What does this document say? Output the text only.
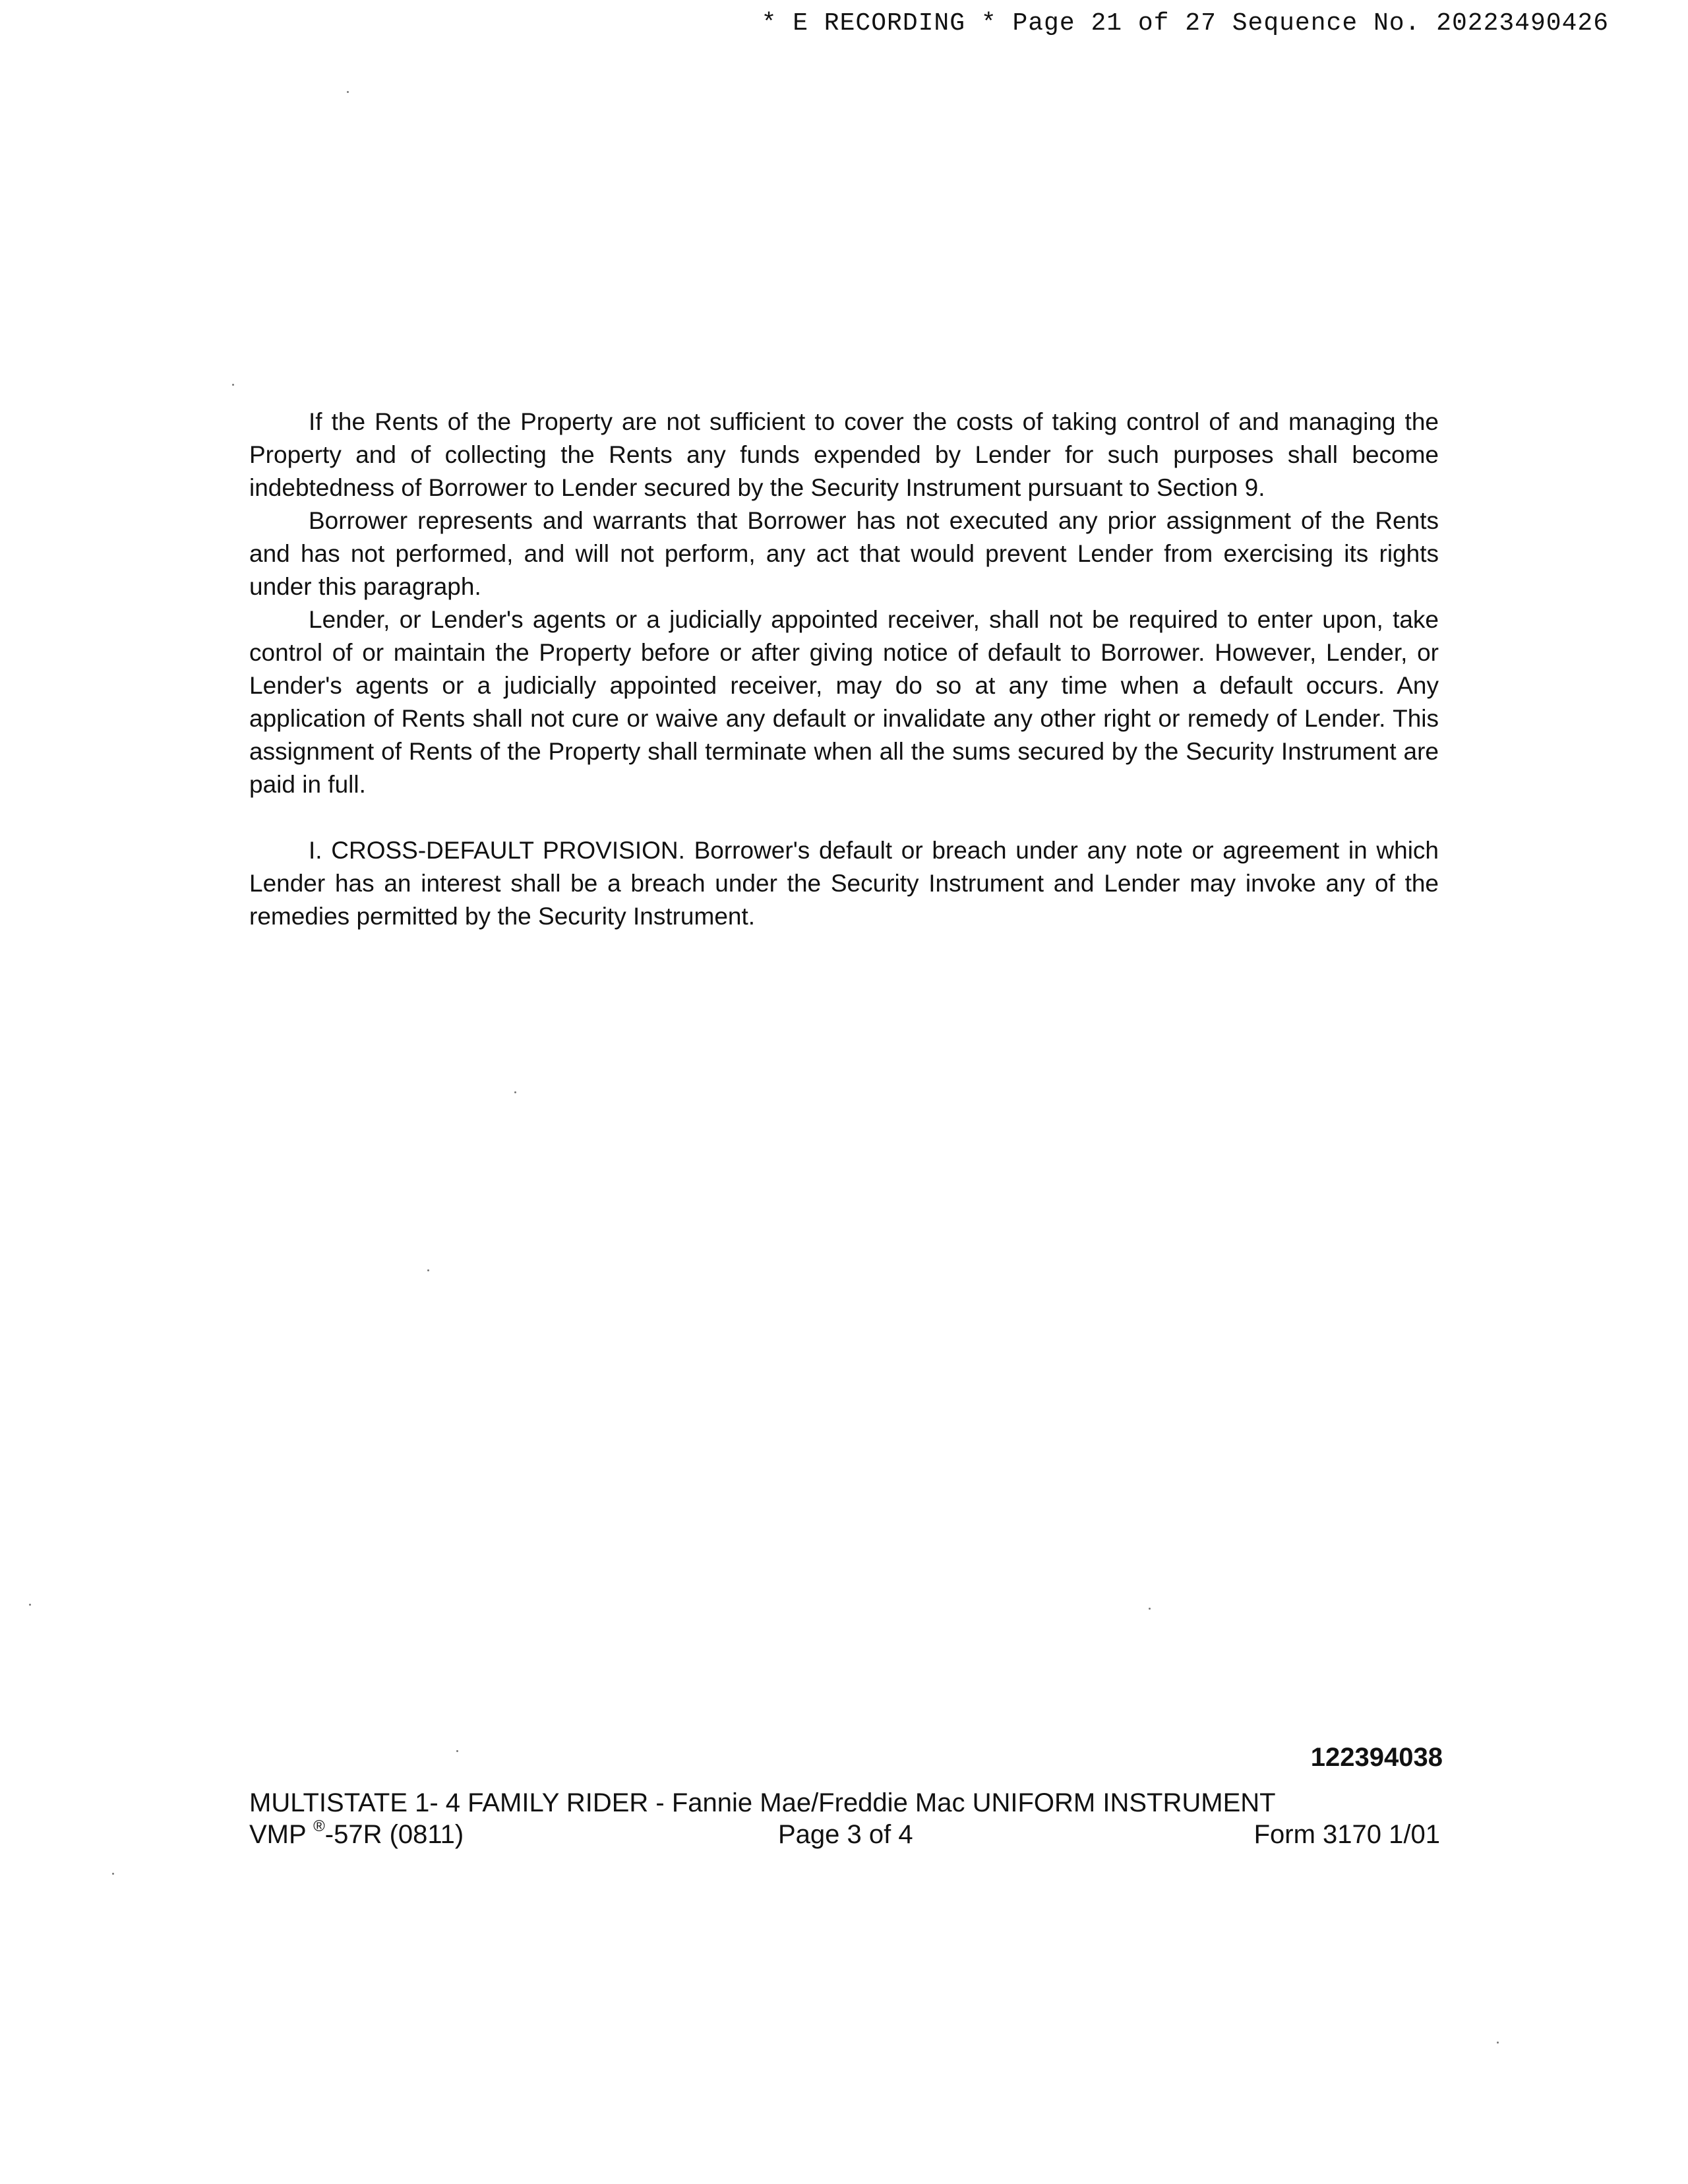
* E RECORDING * Page 21 of 27 Sequence No. 20223490426

If the Rents of the Property are not sufficient to cover the costs of taking control of and managing the Property and of collecting the Rents any funds expended by Lender for such purposes shall become indebtedness of Borrower to Lender secured by the Security Instrument pursuant to Section 9.

Borrower represents and warrants that Borrower has not executed any prior assignment of the Rents and has not performed, and will not perform, any act that would prevent Lender from exercising its rights under this paragraph.

Lender, or Lender's agents or a judicially appointed receiver, shall not be required to enter upon, take control of or maintain the Property before or after giving notice of default to Borrower. However, Lender, or Lender's agents or a judicially appointed receiver, may do so at any time when a default occurs. Any application of Rents shall not cure or waive any default or invalidate any other right or remedy of Lender. This assignment of Rents of the Property shall terminate when all the sums secured by the Security Instrument are paid in full.

I. CROSS-DEFAULT PROVISION. Borrower's default or breach under any note or agreement in which Lender has an interest shall be a breach under the Security Instrument and Lender may invoke any of the remedies permitted by the Security Instrument.

122394038
MULTISTATE 1- 4 FAMILY RIDER - Fannie Mae/Freddie Mac UNIFORM INSTRUMENT
VMP ®-57R (0811)	Page 3 of 4	Form 3170 1/01
